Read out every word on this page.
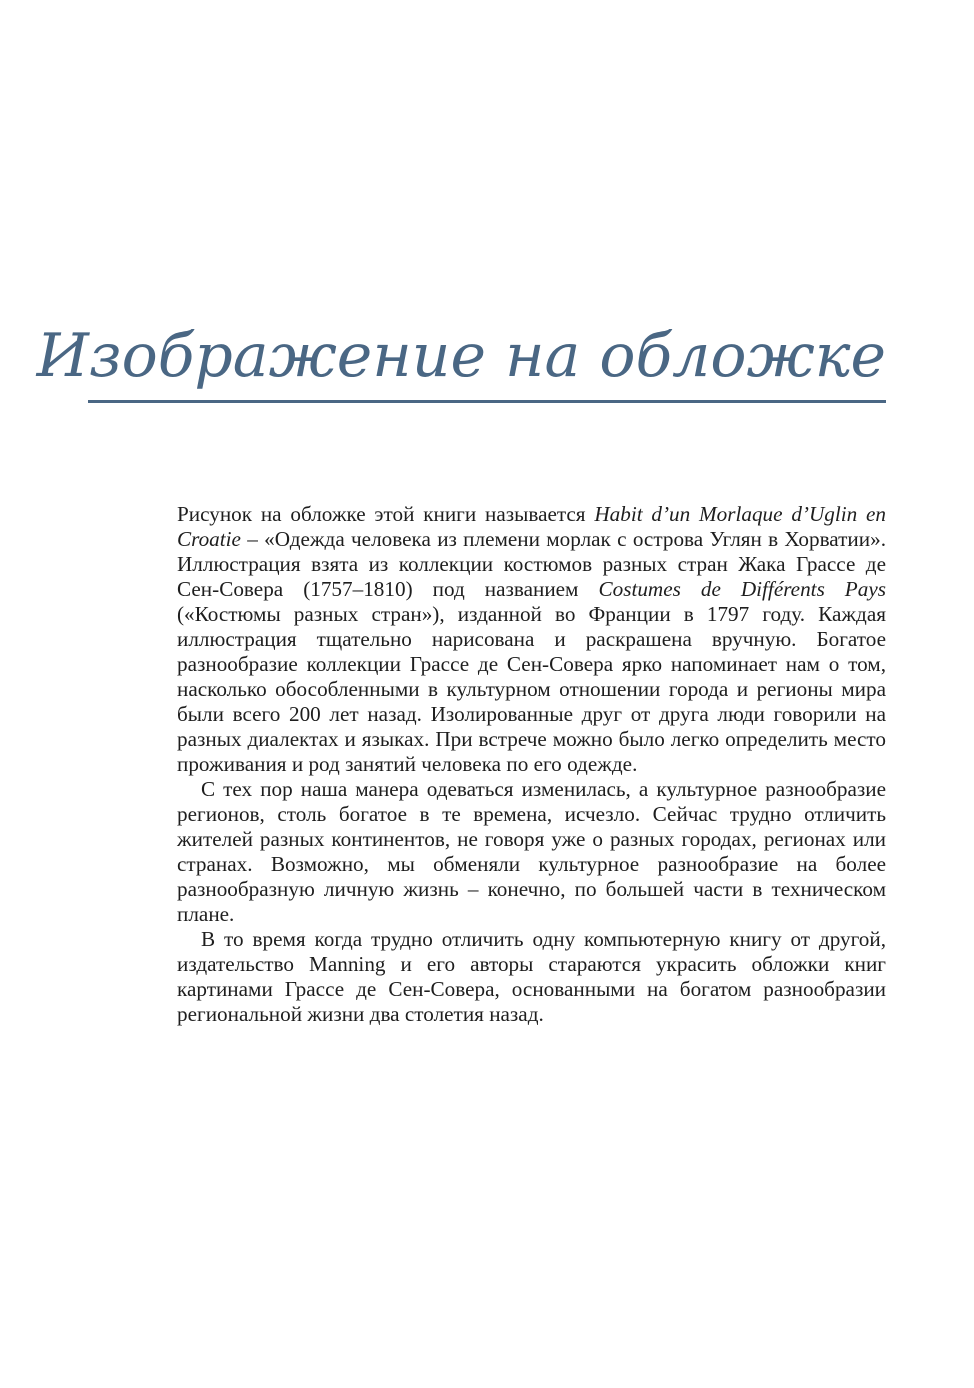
Изображение на обложке

Рисунок на обложке этой книги называется Habit d’un Morlaque d’Uglin en Croatie – «Одежда человека из племени морлак с острова Углян в Хорватии». Иллюстрация взята из коллекции костюмов разных стран Жака Грассе де Сен-Совера (1757–1810) под названием Costumes de Différents Pays («Костюмы разных стран»), изданной во Франции в 1797 году. Каждая иллюстрация тщательно нарисована и раскрашена вручную. Богатое разнообразие коллекции Грассе де Сен-Совера ярко напоминает нам о том, насколько обособленными в культурном отношении города и регионы мира были всего 200 лет назад. Изолированные друг от друга люди говорили на разных диалектах и языках. При встрече можно было легко определить место проживания и род занятий человека по его одежде.

С тех пор наша манера одеваться изменилась, а культурное разнообразие регионов, столь богатое в те времена, исчезло. Сейчас трудно отличить жителей разных континентов, не говоря уже о разных городах, регионах или странах. Возможно, мы обменяли культурное разнообразие на более разнообразную личную жизнь – конечно, по большей части в техническом плане.

В то время когда трудно отличить одну компьютерную книгу от другой, издательство Manning и его авторы стараются украсить обложки книг картинами Грассе де Сен-Совера, основанными на богатом разнообразии региональной жизни два столетия назад.
